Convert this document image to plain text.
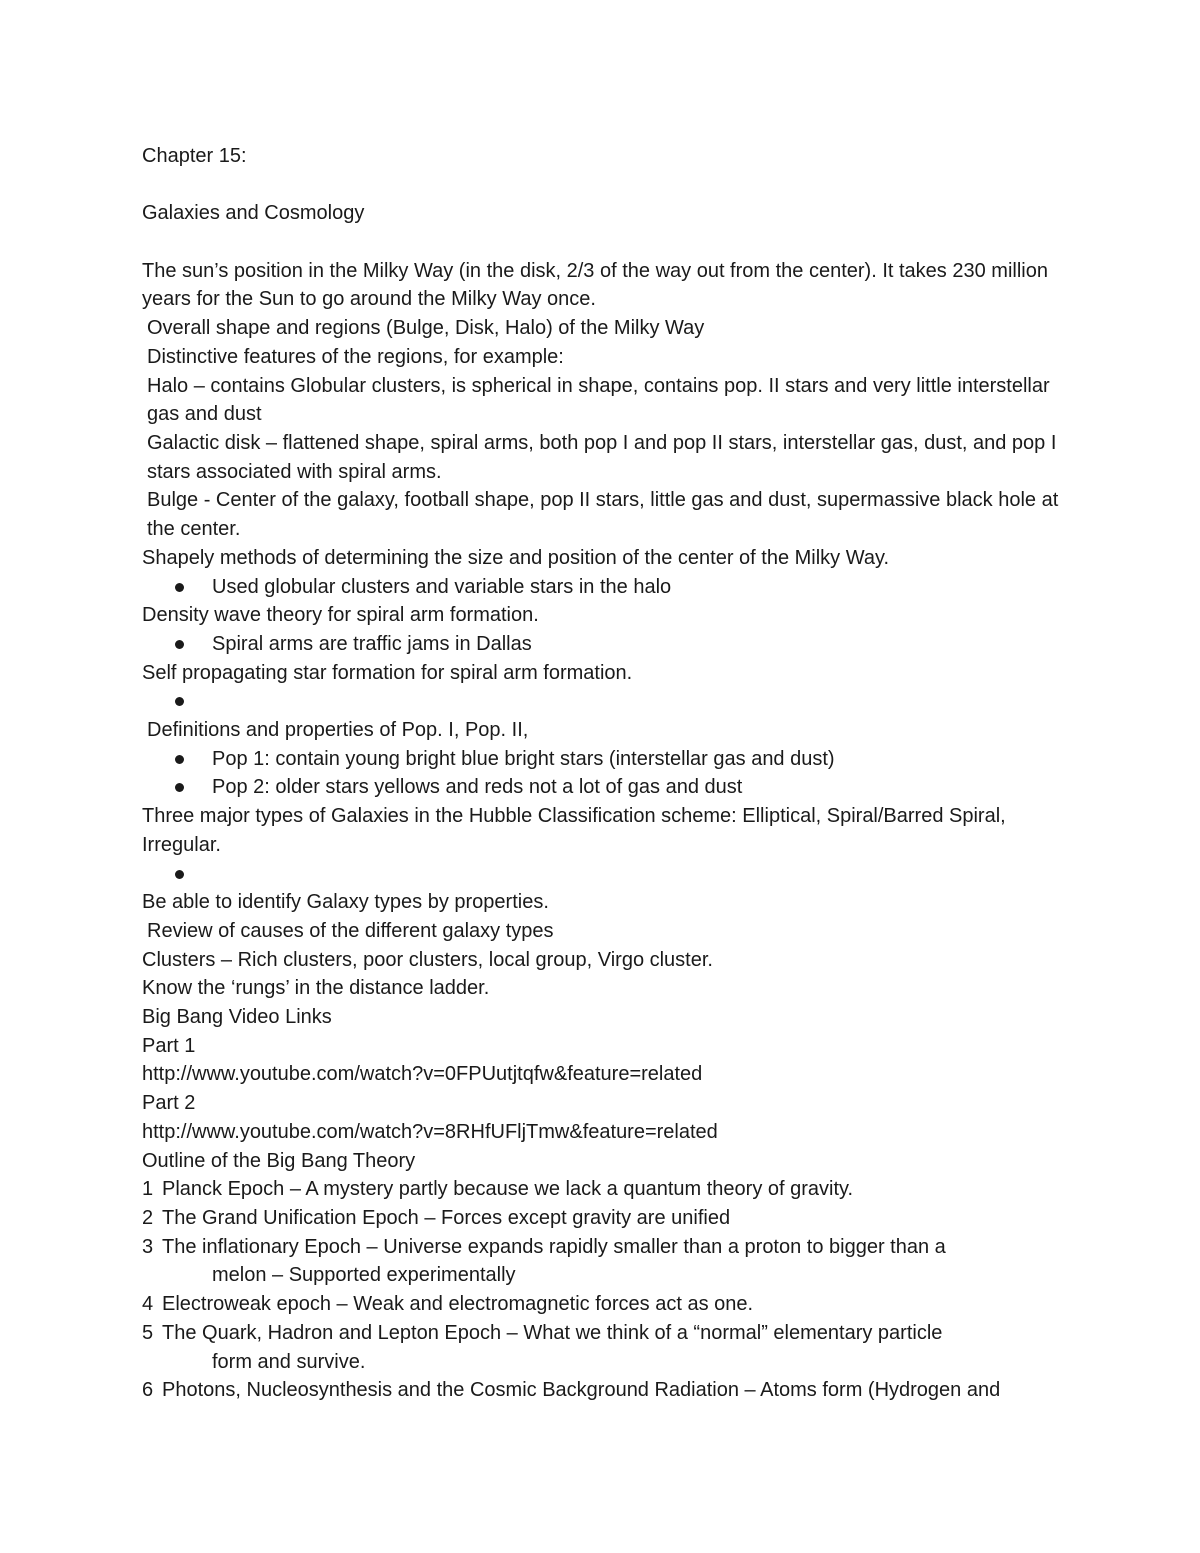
Chapter 15:

Galaxies and Cosmology

The sun’s position in the Milky Way (in the disk, 2/3 of the way out from the center). It takes 230 million years for the Sun to go around the Milky Way once.

Overall shape and regions (Bulge, Disk, Halo) of the Milky Way

Distinctive features of the regions, for example:

Halo – contains Globular clusters, is spherical in shape, contains pop. II stars and very little interstellar gas and dust

Galactic disk – flattened shape, spiral arms, both pop I and pop II stars, interstellar gas, dust, and pop I stars associated with spiral arms.

Bulge - Center of the galaxy, football shape, pop II stars, little gas and dust, supermassive black hole at the center.

Shapely methods of determining the size and position of the center of the Milky Way.

Used globular clusters and variable stars in the halo

Density wave theory for spiral arm formation.

Spiral arms are traffic jams in Dallas

Self propagating star formation for spiral arm formation.

Definitions and properties of Pop. I, Pop. II,

Pop 1: contain young bright blue bright stars (interstellar gas and dust)

Pop 2: older stars yellows and reds not a lot of gas and dust

Three major types of Galaxies in the Hubble Classification scheme: Elliptical, Spiral/Barred Spiral, Irregular.

Be able to identify Galaxy types by properties.

Review of causes of the different galaxy types

Clusters – Rich clusters, poor clusters, local group, Virgo cluster.

Know the ‘rungs’ in the distance ladder.

Big Bang Video Links

Part 1

http://www.youtube.com/watch?v=0FPUutjtqfw&feature=related

Part 2

http://www.youtube.com/watch?v=8RHfUFljTmw&feature=related

Outline of the Big Bang Theory

1 Planck Epoch – A mystery partly because we lack a quantum theory of gravity.

2 The Grand Unification Epoch – Forces except gravity are unified

3 The inflationary Epoch – Universe expands rapidly smaller than a proton to bigger than a
melon – Supported experimentally

4 Electroweak epoch – Weak and electromagnetic forces act as one.

5 The Quark, Hadron and Lepton Epoch – What we think of a “normal” elementary particle
form and survive.

6 Photons, Nucleosynthesis and the Cosmic Background Radiation – Atoms form (Hydrogen and
